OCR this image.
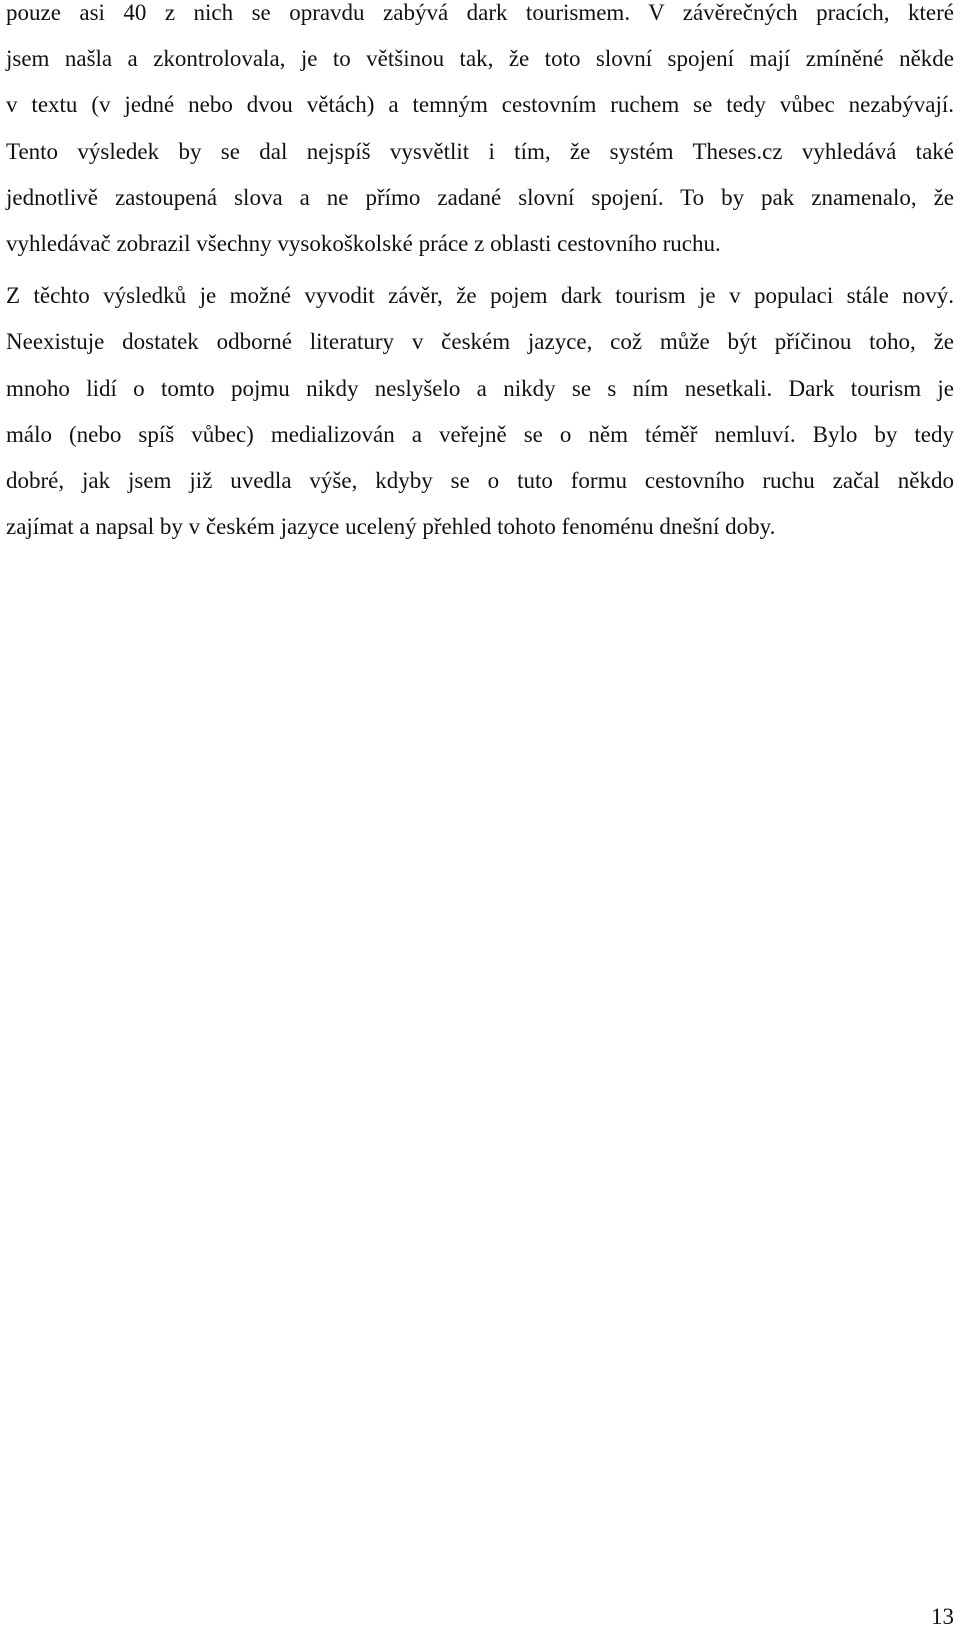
pouze asi 40 z nich se opravdu zabývá dark tourismem. V závěrečných pracích, které
jsem našla a zkontrolovala, je to většinou tak, že toto slovní spojení mají zmíněné někde
v textu (v jedné nebo dvou větách) a temným cestovním ruchem se tedy vůbec nezabývají.
Tento výsledek by se dal nejspíš vysvětlit i tím, že systém Theses.cz vyhledává také
jednotlivě zastoupená slova a ne přímo zadané slovní spojení. To by pak znamenalo, že
vyhledávač zobrazil všechny vysokoškolské práce z oblasti cestovního ruchu.

Z těchto výsledků je možné vyvodit závěr, že pojem dark tourism je v populaci stále nový.
Neexistuje dostatek odborné literatury v českém jazyce, což může být příčinou toho, že
mnoho lidí o tomto pojmu nikdy neslyšelo a nikdy se s ním nesetkali. Dark tourism je
málo (nebo spíš vůbec) medializován a veřejně se o něm téměř nemluví. Bylo by tedy
dobré, jak jsem již uvedla výše, kdyby se o tuto formu cestovního ruchu začal někdo
zajímat a napsal by v českém jazyce ucelený přehled tohoto fenoménu dnešní doby.

13
